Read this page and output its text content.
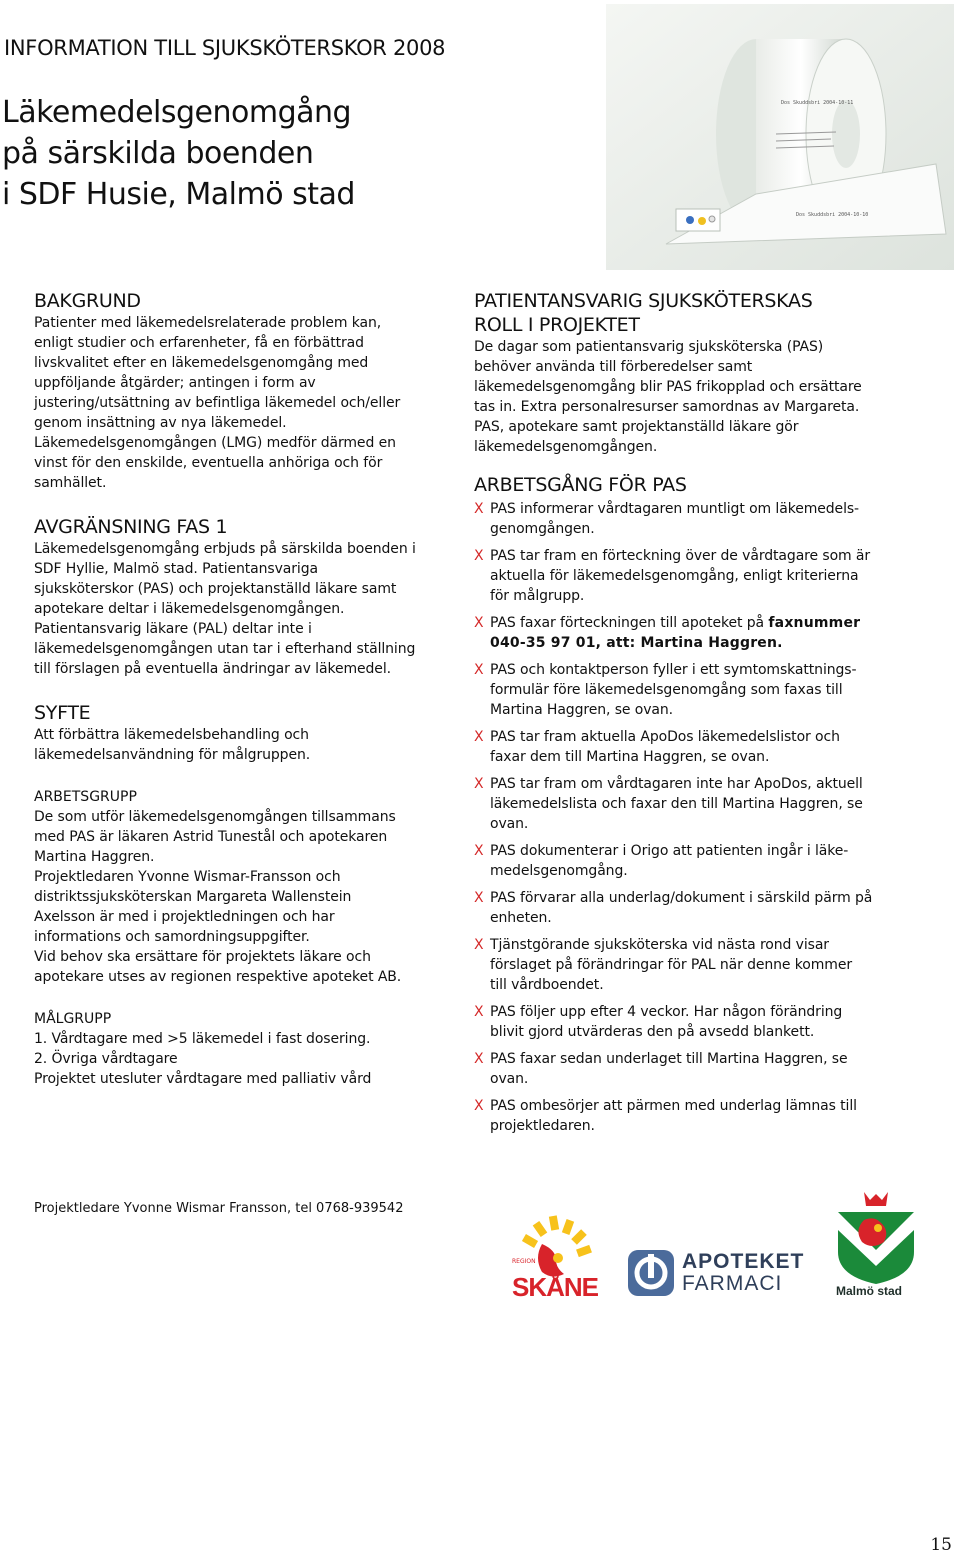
INFORMATION TILL SJUKSKÖTERSKOR 2008
Läkemedelsgenomgång
på särskilda boenden
i SDF Husie, Malmö stad
Dos Skuddsbri 2004-10-11
Dos Skuddsbri 2004-10-10
BAKGRUND

Patienter med läkemedelsrelaterade problem kan,
enligt studier och erfarenheter, få en förbättrad
livskvalitet efter en läkemedelsgenomgång med
uppföljande åtgärder; antingen i form av
justering/utsättning av befintliga läkemedel och/eller
genom insättning av nya läkemedel.
Läkemedelsgenomgången (LMG) medför därmed en
vinst för den enskilde, eventuella anhöriga och för
samhället.

AVGRÄNSNING FAS 1

Läkemedelsgenomgång erbjuds på särskilda boenden i
SDF Hyllie, Malmö stad. Patientansvariga
sjuksköterskor (PAS) och projektanställd läkare samt
apotekare deltar i läkemedelsgenomgången.
Patientansvarig läkare (PAL) deltar inte i
läkemedelsgenomgången utan tar i efterhand ställning
till förslagen på eventuella ändringar av läkemedel.

SYFTE

Att förbättra läkemedelsbehandling och
läkemedelsanvändning för målgruppen.

ARBETSGRUPP

De som utför läkemedelsgenomgången tillsammans
med PAS är läkaren Astrid Tunestål och apotekaren
Martina Haggren.
Projektledaren Yvonne Wismar-Fransson och
distriktssjuksköterskan Margareta Wallenstein
Axelsson är med i projektledningen och har
informations och samordningsuppgifter.
Vid behov ska ersättare för projektets läkare och
apotekare utses av regionen respektive apoteket AB.

MÅLGRUPP

1. Vårdtagare med >5 läkemedel i fast dosering.
2. Övriga vårdtagare
Projektet utesluter vårdtagare med palliativ vård

PATIENTANSVARIG SJUKSKÖTERSKAS
ROLL I PROJEKTET

De dagar som patientansvarig sjuksköterska (PAS)
behöver använda till förberedelser samt
läkemedelsgenomgång blir PAS frikopplad och ersättare
tas in. Extra personalresurser samordnas av Margareta.
PAS, apotekare samt projektanställd läkare gör
läkemedelsgenomgången.

ARBETSGÅNG FÖR PAS
X PAS informerar vårdtagaren muntligt om läkemedels-
genomgången.
X PAS tar fram en förteckning över de vårdtagare som är
aktuella för läkemedelsgenomgång, enligt kriterierna
för målgrupp.
X PAS faxar förteckningen till apoteket på faxnummer
040-35 97 01, att: Martina Haggren.
X PAS och kontaktperson fyller i ett symtomskattnings-
formulär före läkemedelsgenomgång som faxas till
Martina Haggren, se ovan.
X PAS tar fram aktuella ApoDos läkemedelslistor och
faxar dem till Martina Haggren, se ovan.
X PAS tar fram om vårdtagaren inte har ApoDos, aktuell
läkemedelslista och faxar den till Martina Haggren, se
ovan.
X PAS dokumenterar i Origo att patienten ingår i läke-
medelsgenomgång.
X PAS förvarar alla underlag/dokument i särskild pärm på
enheten.
X Tjänstgörande sjuksköterska vid nästa rond visar
förslaget på förändringar för PAL när denne kommer
till vårdboendet.
X PAS följer upp efter 4 veckor. Har någon förändring
blivit gjord utvärderas den på avsedd blankett.
X PAS faxar sedan underlaget till Martina Haggren, se
ovan.
X PAS ombesörjer att pärmen med underlag lämnas till
projektledaren.
Projektledare Yvonne Wismar Fransson, tel 0768-939542
REGION
SKÅNE
APOTEKET
FARMACI	Malmö stad
15
